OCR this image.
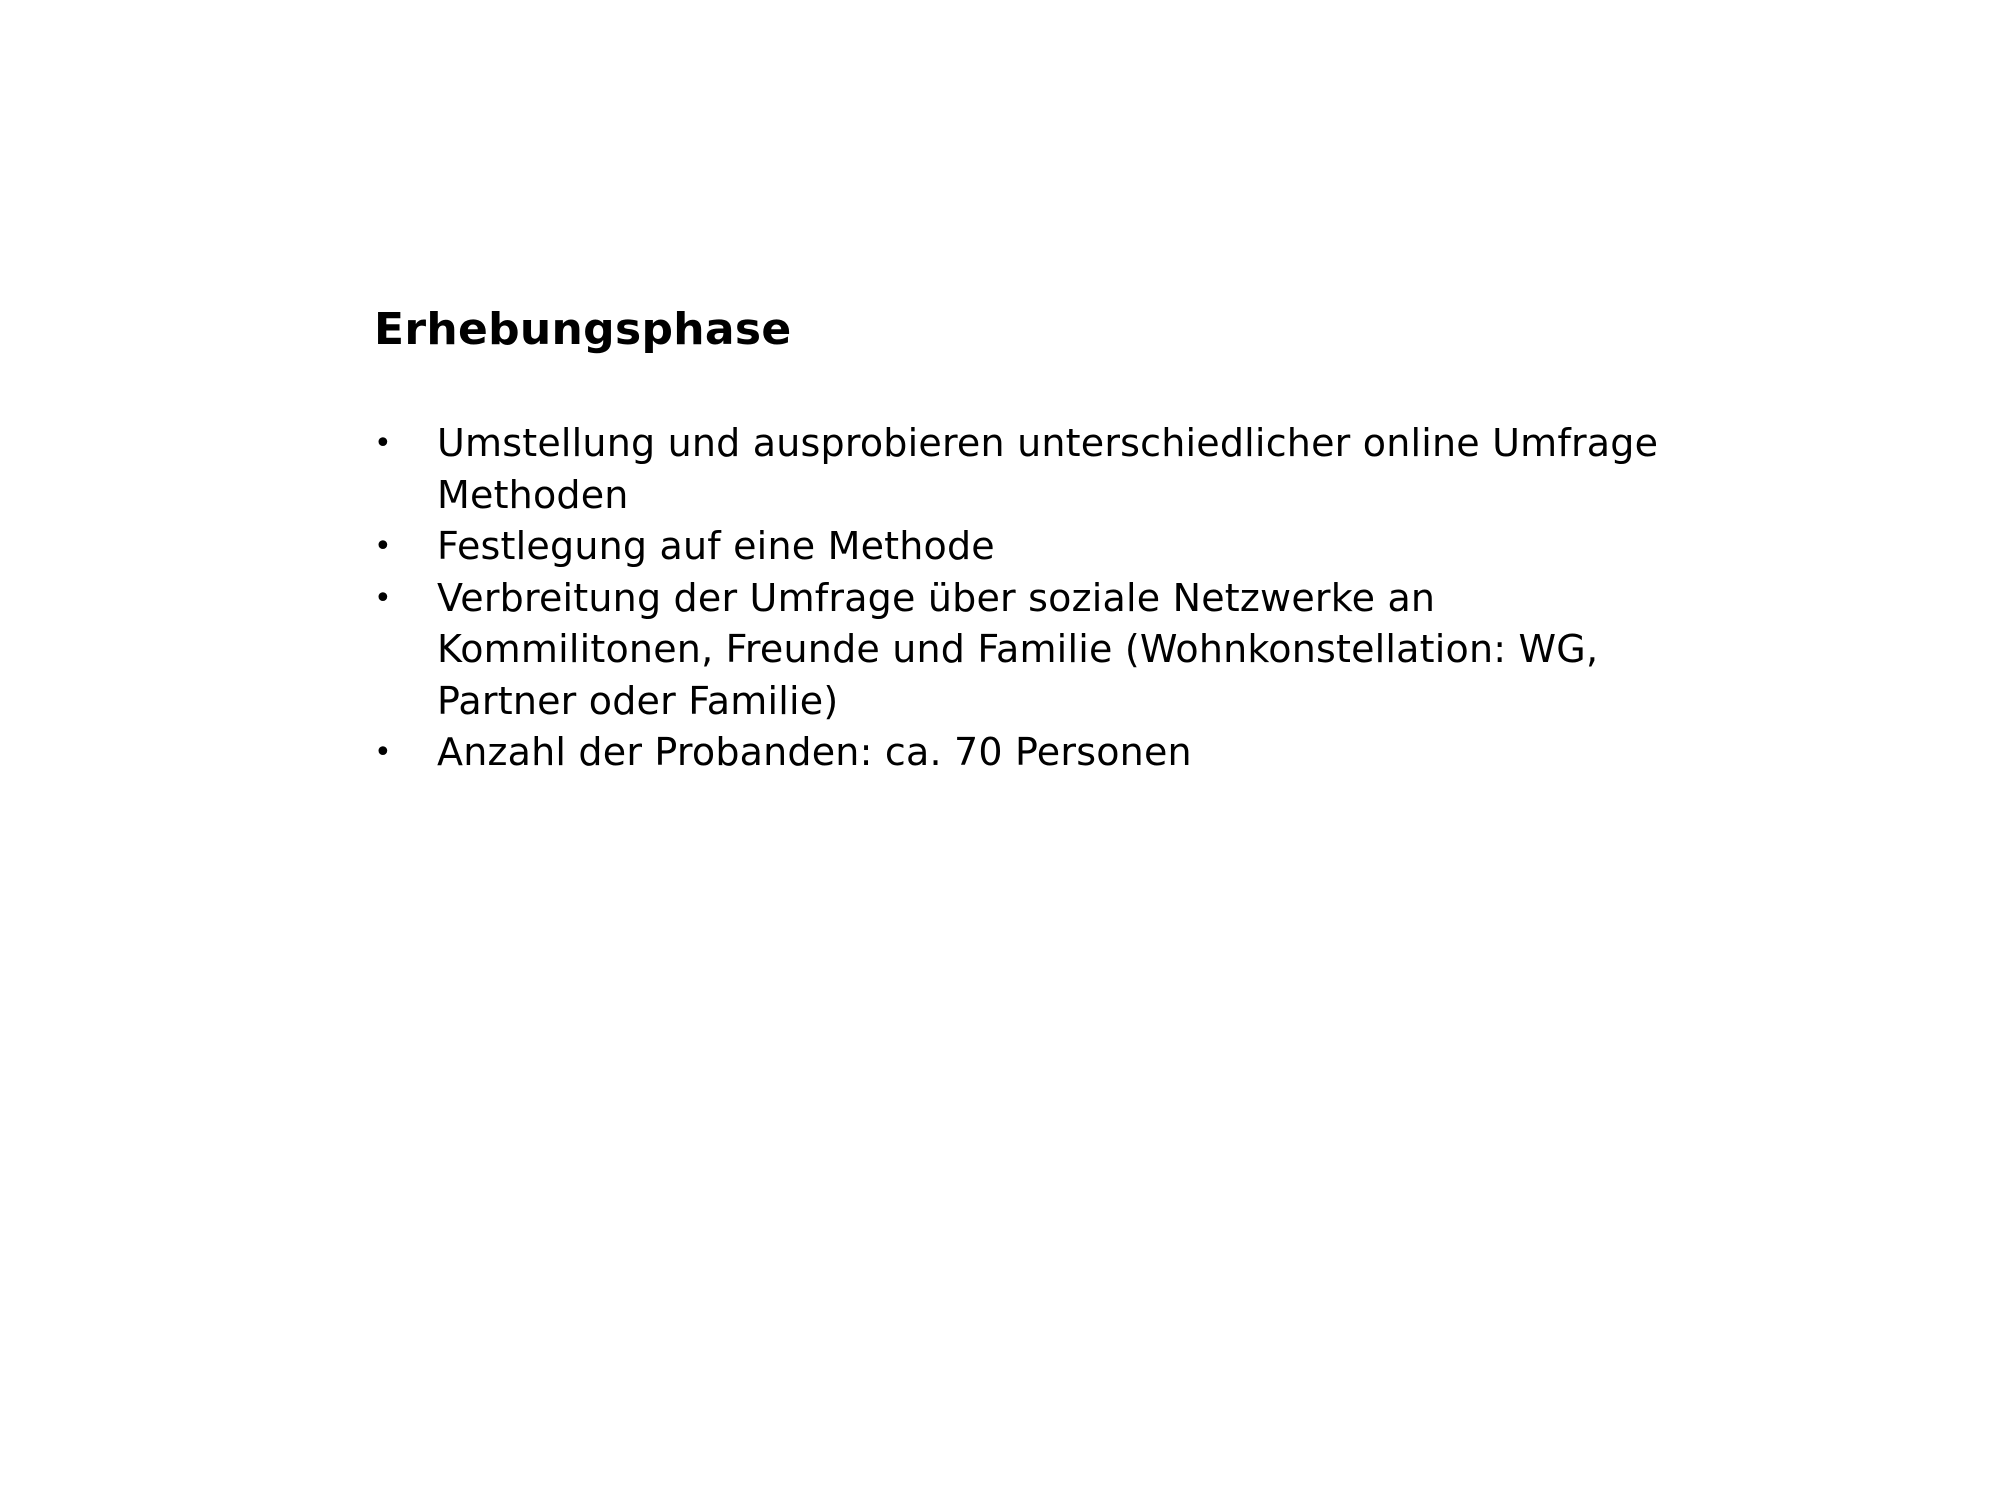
Erhebungsphase
• Umstellung und ausprobieren unterschiedlicher online Umfrage Methoden
• Festlegung auf eine Methode
• Verbreitung der Umfrage über soziale Netzwerke an Kommilitonen, Freunde und Familie (Wohnkonstellation: WG, Partner oder Familie)
• Anzahl der Probanden: ca. 70 Personen
